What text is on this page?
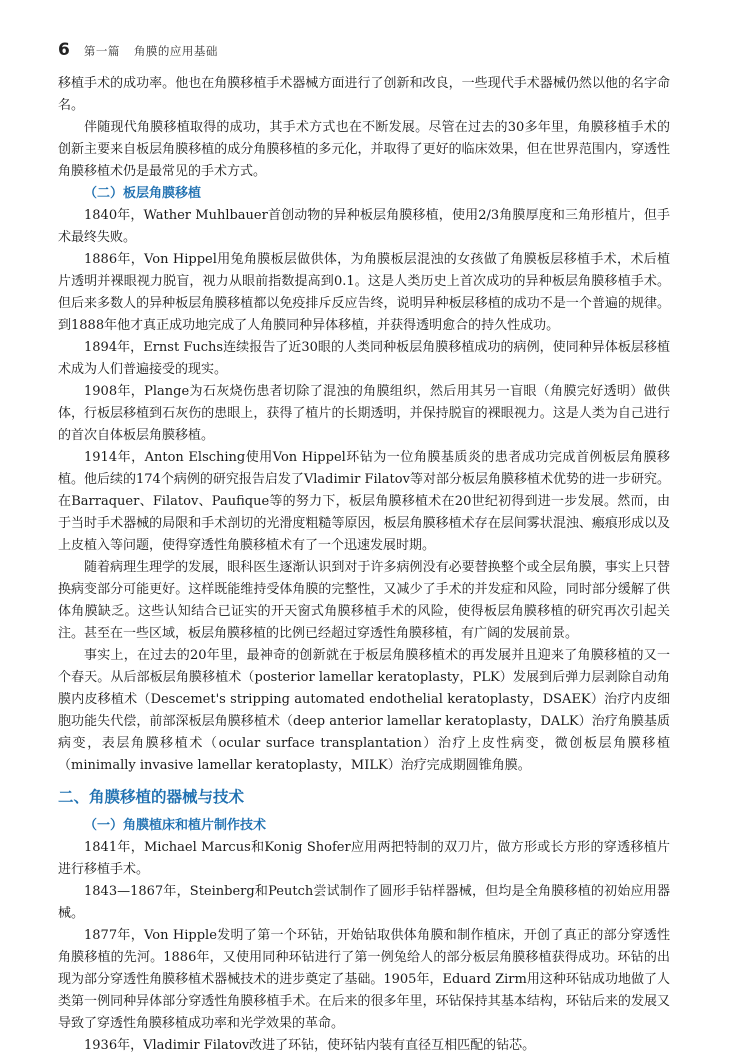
6 第一篇 角膜的应用基础

移植手术的成功率。他也在角膜移植手术器械方面进行了创新和改良，一些现代手术器械仍然以他的名字命名。

伴随现代角膜移植取得的成功，其手术方式也在不断发展。尽管在过去的30多年里，角膜移植手术的创新主要来自板层角膜移植的成分角膜移植的多元化，并取得了更好的临床效果，但在世界范围内，穿透性角膜移植术仍是最常见的手术方式。

（二）板层角膜移植

1840年，Wather Muhlbauer首创动物的异种板层角膜移植，使用2/3角膜厚度和三角形植片，但手术最终失败。

1886年，Von Hippel用兔角膜板层做供体，为角膜板层混浊的女孩做了角膜板层移植手术，术后植片透明并裸眼视力脱盲，视力从眼前指数提高到0.1。这是人类历史上首次成功的异种板层角膜移植手术。但后来多数人的异种板层角膜移植都以免疫排斥反应告终，说明异种板层移植的成功不是一个普遍的规律。到1888年他才真正成功地完成了人角膜同种异体移植，并获得透明愈合的持久性成功。

1894年，Ernst Fuchs连续报告了近30眼的人类同种板层角膜移植成功的病例，使同种异体板层移植术成为人们普遍接受的现实。

1908年，Plange为石灰烧伤患者切除了混浊的角膜组织，然后用其另一盲眼（角膜完好透明）做供体，行板层移植到石灰伤的患眼上，获得了植片的长期透明，并保持脱盲的裸眼视力。这是人类为自己进行的首次自体板层角膜移植。

1914年，Anton Elsching使用Von Hippel环钻为一位角膜基质炎的患者成功完成首例板层角膜移植。他后续的174个病例的研究报告启发了Vladimir Filatov等对部分板层角膜移植术优势的进一步研究。在Barraquer、Filatov、Paufique等的努力下，板层角膜移植术在20世纪初得到进一步发展。然而，由于当时手术器械的局限和手术剖切的光滑度粗糙等原因，板层角膜移植术存在层间雾状混浊、瘢痕形成以及上皮植入等问题，使得穿透性角膜移植术有了一个迅速发展时期。

随着病理生理学的发展，眼科医生逐渐认识到对于许多病例没有必要替换整个或全层角膜，事实上只替换病变部分可能更好。这样既能维持受体角膜的完整性，又减少了手术的并发症和风险，同时部分缓解了供体角膜缺乏。这些认知结合已证实的开天窗式角膜移植手术的风险，使得板层角膜移植的研究再次引起关注。甚至在一些区域，板层角膜移植的比例已经超过穿透性角膜移植，有广阔的发展前景。

事实上，在过去的20年里，最神奇的创新就在于板层角膜移植术的再发展并且迎来了角膜移植的又一个春天。从后部板层角膜移植术（posterior lamellar keratoplasty，PLK）发展到后弹力层剥除自动角膜内皮移植术（Descemet's stripping automated endothelial keratoplasty，DSAEK）治疗内皮细胞功能失代偿，前部深板层角膜移植术（deep anterior lamellar keratoplasty，DALK）治疗角膜基质病变，表层角膜移植术（ocular surface transplantation）治疗上皮性病变，微创板层角膜移植（minimally invasive lamellar keratoplasty，MILK）治疗完成期圆锥角膜。

二、角膜移植的器械与技术
（一）角膜植床和植片制作技术

1841年，Michael Marcus和Konig Shofer应用两把特制的双刀片，做方形或长方形的穿透移植片进行移植手术。

1843—1867年，Steinberg和Peutch尝试制作了圆形手钻样器械，但均是全角膜移植的初始应用器械。

1877年，Von Hipple发明了第一个环钻，开始钻取供体角膜和制作植床，开创了真正的部分穿透性角膜移植的先河。1886年，又使用同种环钻进行了第一例兔给人的部分板层角膜移植获得成功。环钻的出现为部分穿透性角膜移植术器械技术的进步奠定了基础。1905年，Eduard Zirm用这种环钻成功地做了人类第一例同种异体部分穿透性角膜移植手术。在后来的很多年里，环钻保持其基本结构，环钻后来的发展又导致了穿透性角膜移植成功率和光学效果的革命。

1936年，Vladimir Filatov改进了环钻，使环钻内装有直径互相匹配的钻芯。
